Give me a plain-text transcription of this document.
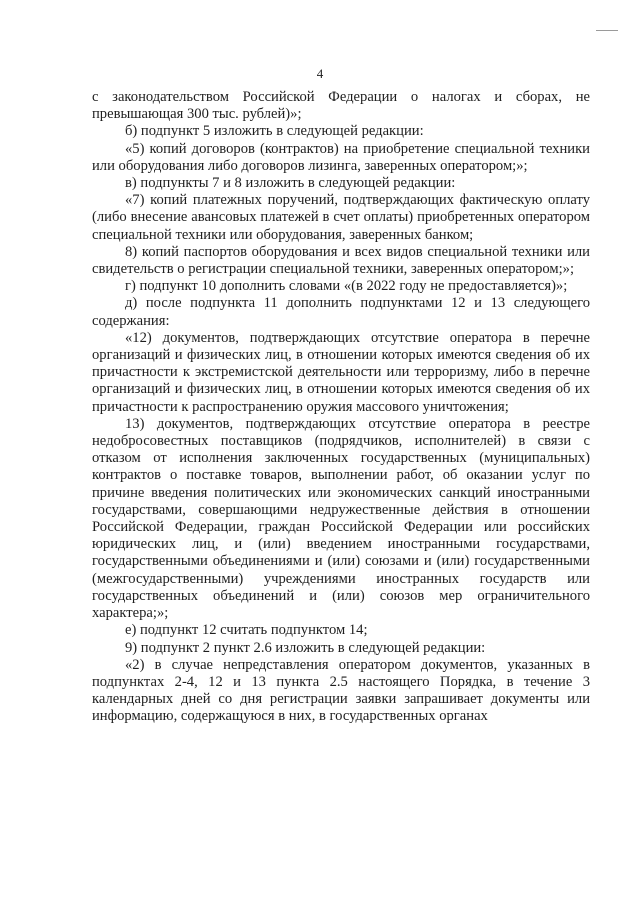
4

с законодательством Российской Федерации о налогах и сборах, не превышающая 300 тыс. рублей)»;

б) подпункт 5 изложить в следующей редакции:

«5) копий договоров (контрактов) на приобретение специальной техники или оборудования либо договоров лизинга, заверенных оператором;»;

в) подпункты 7 и 8 изложить в следующей редакции:

«7) копий платежных поручений, подтверждающих фактическую оплату (либо внесение авансовых платежей в счет оплаты) приобретенных оператором специальной техники или оборудования, заверенных банком;

8) копий паспортов оборудования и всех видов специальной техники или свидетельств о регистрации специальной техники, заверенных оператором;»;

г) подпункт 10 дополнить словами «(в 2022 году не предоставляется)»;

д) после подпункта 11 дополнить подпунктами 12 и 13 следующего содержания:

«12) документов, подтверждающих отсутствие оператора в перечне организаций и физических лиц, в отношении которых имеются сведения об их причастности к экстремистской деятельности или терроризму, либо в перечне организаций и физических лиц, в отношении которых имеются сведения об их причастности к распространению оружия массового уничтожения;

13) документов, подтверждающих отсутствие оператора в реестре недобросовестных поставщиков (подрядчиков, исполнителей) в связи с отказом от исполнения заключенных государственных (муниципальных) контрактов о поставке товаров, выполнении работ, об оказании услуг по причине введения политических или экономических санкций иностранными государствами, совершающими недружественные действия в отношении Российской Федерации, граждан Российской Федерации или российских юридических лиц, и (или) введением иностранными государствами, государственными объединениями и (или) союзами и (или) государственными (межгосударственными) учреждениями иностранных государств или государственных объединений и (или) союзов мер ограничительного характера;»;

е) подпункт 12 считать подпунктом 14;

9) подпункт 2 пункт 2.6 изложить в следующей редакции:

«2) в случае непредставления оператором документов, указанных в подпунктах 2-4, 12 и 13 пункта 2.5 настоящего Порядка, в течение 3 календарных дней со дня регистрации заявки запрашивает документы или информацию, содержащуюся в них, в государственных органах
